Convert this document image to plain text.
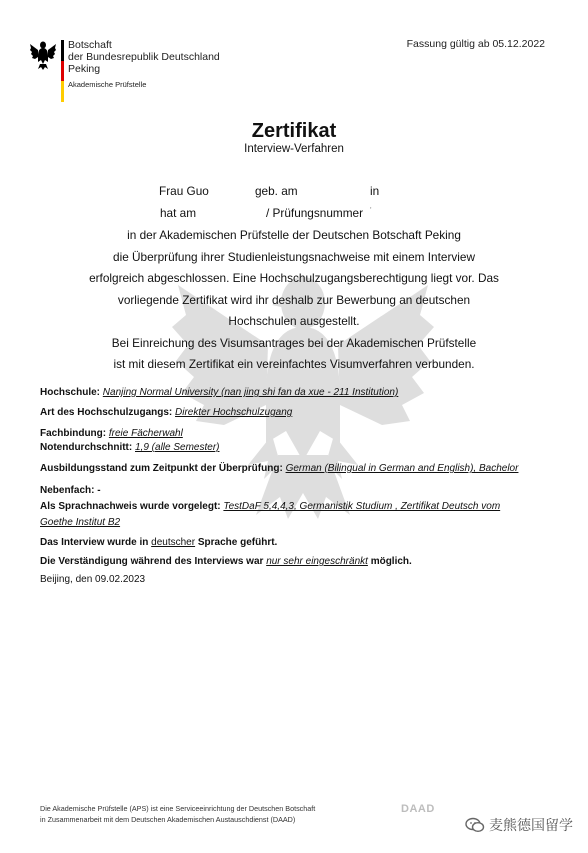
Botschaft
der Bundesrepublik Deutschland
Peking
Akademische Prüfstelle
Fassung gültig ab 05.12.2022
Zertifikat
Interview-Verfahren
Frau Guo	geb. am	in
hat am	/ Prüfungsnummer '
in der Akademischen Prüfstelle der Deutschen Botschaft Peking
die Überprüfung ihrer Studienleistungsnachweise mit einem Interview
erfolgreich abgeschlossen. Eine Hochschulzugangsberechtigung liegt vor. Das
vorliegende Zertifikat wird ihr deshalb zur Bewerbung an deutschen
Hochschulen ausgestellt.
Bei Einreichung des Visumsantrages bei der Akademischen Prüfstelle
ist mit diesem Zertifikat ein vereinfachtes Visumverfahren verbunden.
Hochschule: Nanjing Normal University (nan jing shi fan da xue - 211 Institution)
Art des Hochschulzugangs: Direkter Hochschulzugang
Fachbindung: freie Fächerwahl
Notendurchschnitt: 1,9 (alle Semester)
Ausbildungsstand zum Zeitpunkt der Überprüfung: German (Bilingual in German and English), Bachelor
Nebenfach: -
Als Sprachnachweis wurde vorgelegt: TestDaF 5,4,4,3, Germanistik Studium , Zertifikat Deutsch vom
Goethe Institut B2
Das Interview wurde in deutscher Sprache geführt.
Die Verständigung während des Interviews war nur sehr eingeschränkt möglich.
Beijing, den 09.02.2023
Die Akademische Prüfstelle (APS) ist eine Serviceeinrichtung der Deutschen Botschaft
in Zusammenarbeit mit dem Deutschen Akademischen Austauschdienst (DAAD)
DAAD
麦熊德国留学
